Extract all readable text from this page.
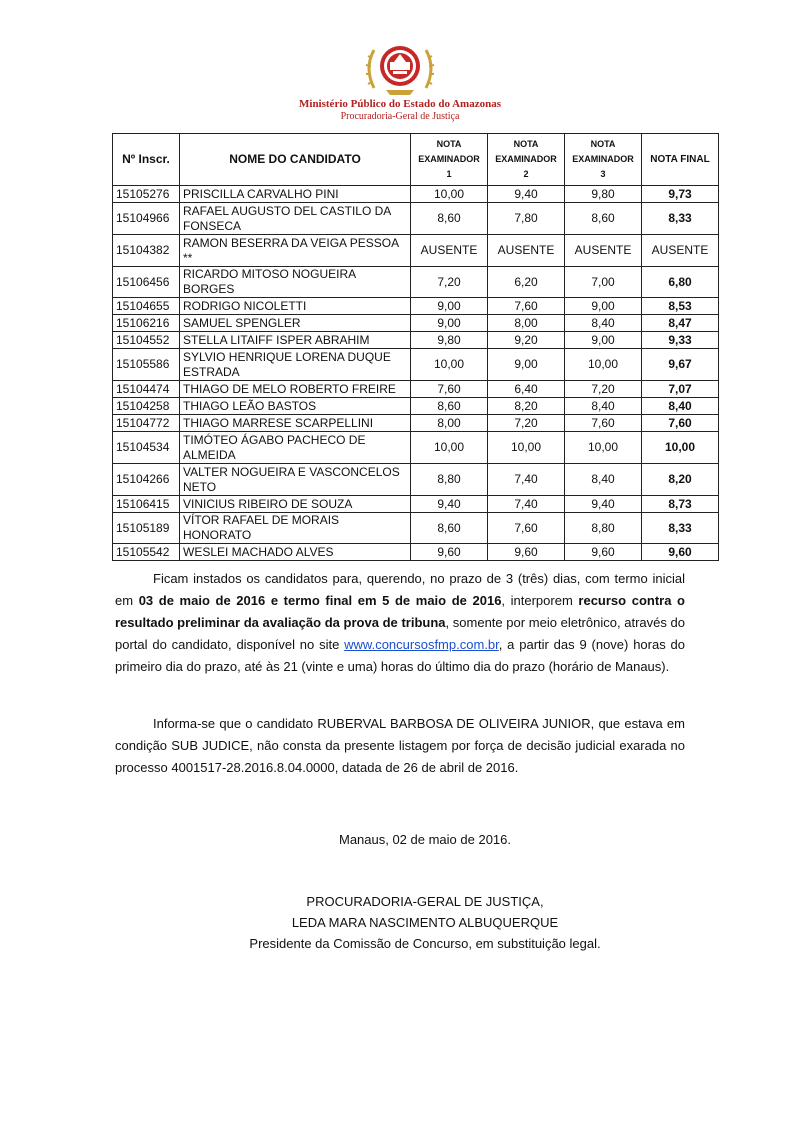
Ministério Público do Estado do Amazonas
Procuradoria-Geral de Justiça
Nº Inscr.	NOME DO CANDIDATO	NOTA
EXAMINADOR
1	NOTA
EXAMINADOR
2	NOTA
EXAMINADOR
3	NOTA FINAL
15105276	PRISCILLA CARVALHO PINI	10,00	9,40	9,80	9,73
15104966	RAFAEL AUGUSTO DEL CASTILO DA
FONSECA	8,60	7,80	8,60	8,33
15104382	RAMON BESERRA DA VEIGA PESSOA **	AUSENTE	AUSENTE	AUSENTE	AUSENTE
15106456	RICARDO MITOSO NOGUEIRA BORGES	7,20	6,20	7,00	6,80
15104655	RODRIGO NICOLETTI	9,00	7,60	9,00	8,53
15106216	SAMUEL SPENGLER	9,00	8,00	8,40	8,47
15104552	STELLA LITAIFF ISPER ABRAHIM	9,80	9,20	9,00	9,33
15105586	SYLVIO HENRIQUE LORENA DUQUE
ESTRADA	10,00	9,00	10,00	9,67
15104474	THIAGO DE MELO ROBERTO FREIRE	7,60	6,40	7,20	7,07
15104258	THIAGO LEÃO BASTOS	8,60	8,20	8,40	8,40
15104772	THIAGO MARRESE SCARPELLINI	8,00	7,20	7,60	7,60
15104534	TIMÓTEO ÁGABO PACHECO DE
ALMEIDA	10,00	10,00	10,00	10,00
15104266	VALTER NOGUEIRA E VASCONCELOS
NETO	8,80	7,40	8,40	8,20
15106415	VINICIUS RIBEIRO DE SOUZA	9,40	7,40	9,40	8,73
15105189	VÍTOR RAFAEL DE MORAIS HONORATO	8,60	7,60	8,80	8,33
15105542	WESLEI MACHADO ALVES	9,60	9,60	9,60	9,60
Ficam instados os candidatos para, querendo, no prazo de 3 (três) dias, com termo inicial em 03 de maio de 2016 e termo final em 5 de maio de 2016, interporem recurso contra o resultado preliminar da avaliação da prova de tribuna, somente por meio eletrônico, através do portal do candidato, disponível no site www.concursosfmp.com.br, a partir das 9 (nove) horas do primeiro dia do prazo, até às 21 (vinte e uma) horas do último dia do prazo (horário de Manaus).
Informa-se que o candidato RUBERVAL BARBOSA DE OLIVEIRA JUNIOR, que estava em condição SUB JUDICE, não consta da presente listagem por força de decisão judicial exarada no processo 4001517-28.2016.8.04.0000, datada de 26 de abril de 2016.
Manaus, 02 de maio de 2016.
PROCURADORIA-GERAL DE JUSTIÇA,
LEDA MARA NASCIMENTO ALBUQUERQUE
Presidente da Comissão de Concurso, em substituição legal.
